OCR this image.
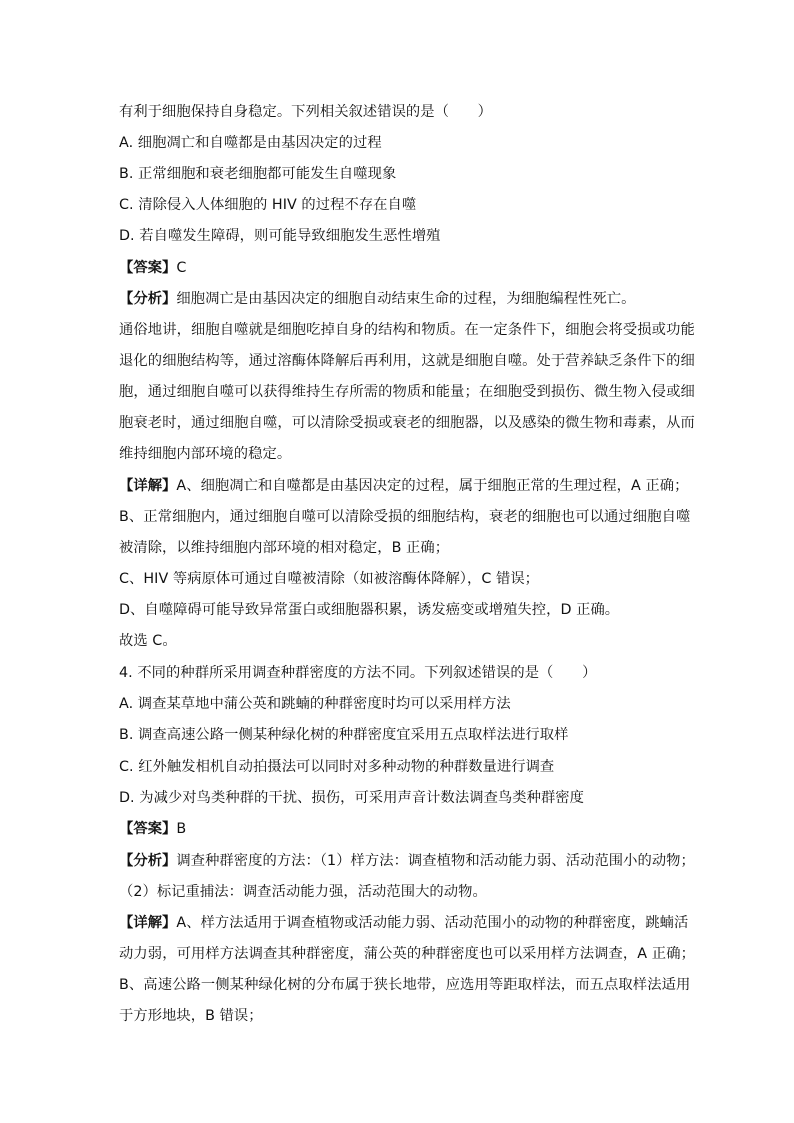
有利于细胞保持自身稳定。下列相关叙述错误的是（　　）
A. 细胞凋亡和自噬都是由基因决定的过程
B. 正常细胞和衰老细胞都可能发生自噬现象
C. 清除侵入人体细胞的 HIV 的过程不存在自噬
D. 若自噬发生障碍，则可能导致细胞发生恶性增殖
【答案】C
【分析】细胞凋亡是由基因决定的细胞自动结束生命的过程，为细胞编程性死亡。
通俗地讲，细胞自噬就是细胞吃掉自身的结构和物质。在一定条件下，细胞会将受损或功能
退化的细胞结构等，通过溶酶体降解后再利用，这就是细胞自噬。处于营养缺乏条件下的细
胞，通过细胞自噬可以获得维持生存所需的物质和能量；在细胞受到损伤、微生物入侵或细
胞衰老时，通过细胞自噬，可以清除受损或衰老的细胞器，以及感染的微生物和毒素，从而
维持细胞内部环境的稳定。
【详解】A、细胞凋亡和自噬都是由基因决定的过程，属于细胞正常的生理过程，A 正确；
B、正常细胞内，通过细胞自噬可以清除受损的细胞结构，衰老的细胞也可以通过细胞自噬
被清除，以维持细胞内部环境的相对稳定，B 正确；
C、HIV 等病原体可通过自噬被清除（如被溶酶体降解），C 错误；
D、自噬障碍可能导致异常蛋白或细胞器积累，诱发癌变或增殖失控，D 正确。
故选 C。
4. 不同的种群所采用调查种群密度的方法不同。下列叙述错误的是（　　）
A. 调查某草地中蒲公英和跳蝻的种群密度时均可以采用样方法
B. 调查高速公路一侧某种绿化树的种群密度宜采用五点取样法进行取样
C. 红外触发相机自动拍摄法可以同时对多种动物的种群数量进行调查
D. 为减少对鸟类种群的干扰、损伤，可采用声音计数法调查鸟类种群密度
【答案】B
【分析】调查种群密度的方法：（1）样方法：调查植物和活动能力弱、活动范围小的动物；
（2）标记重捕法：调查活动能力强，活动范围大的动物。
【详解】A、样方法适用于调查植物或活动能力弱、活动范围小的动物的种群密度，跳蝻活
动力弱，可用样方法调查其种群密度，蒲公英的种群密度也可以采用样方法调查，A 正确；
B、高速公路一侧某种绿化树的分布属于狭长地带，应选用等距取样法，而五点取样法适用
于方形地块，B 错误；
